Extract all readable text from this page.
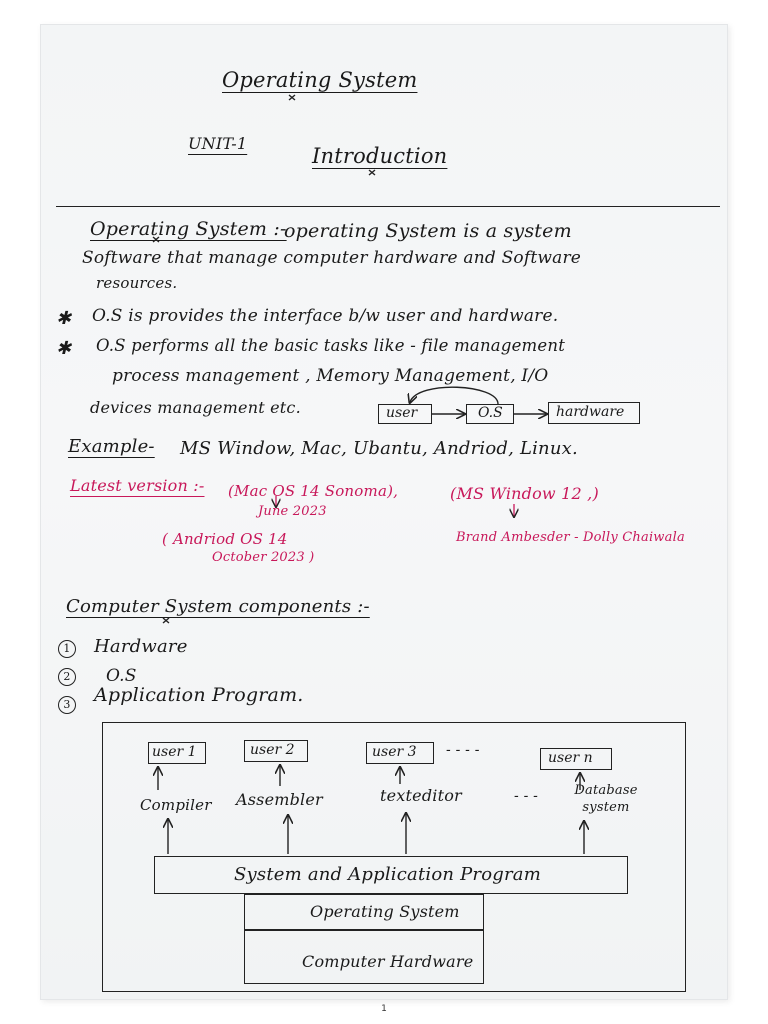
Operating System
UNIT-1
Introduction
Operating System :-
operating System is a system
Software that manage computer hardware and Software
resources.
✱ O.S is provides the interface b/w user and hardware.
✱ O.S performs all the basic tasks like - file management
process management , Memory Management, I/O
devices management etc.	user	O.S	hardware
Example- MS Window, Mac, Ubantu, Andriod, Linux.
Latest version :- (Mac OS 14 Sonoma),
June 2023
(MS Window 12 ,)
( Andriod OS 14
October 2023 )
Brand Ambesder - Dolly Chaiwala
Computer System components :-
1	Hardware
2	O.S
3 Application Program.
user 1	user 2	user 3 - - - -	user n
Compiler Assembler	texteditor	- - -	Database system
System and Application Program
Operating System
Computer Hardware
1
